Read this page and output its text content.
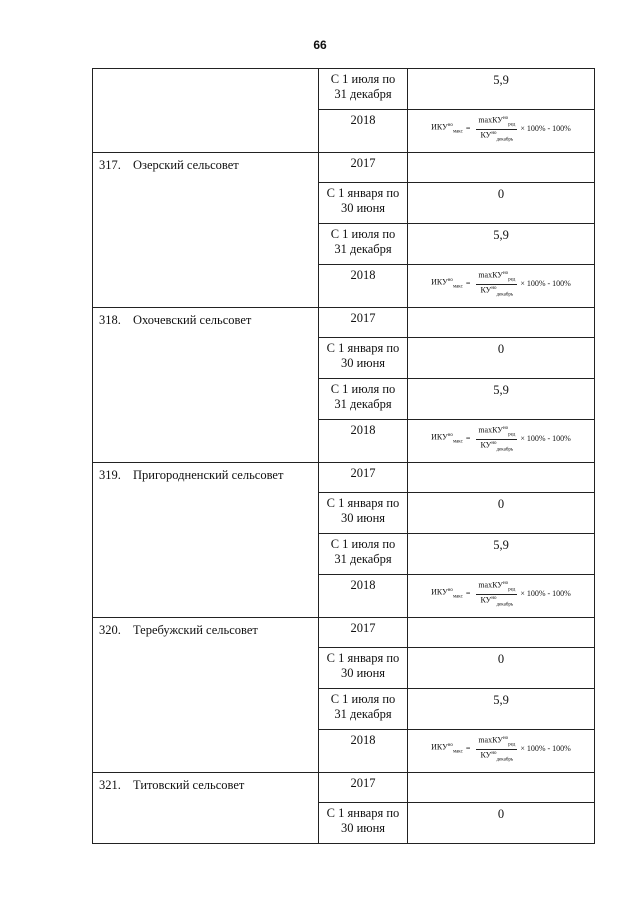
66

	С 1 июля по
31 декабря	5,9

	2018	$ИКУ^{но}_{макс} = \frac{\max КУ^{но}_{ред}}{КУ^{но}_{декабрь}} \times 100\% - 100\%$

317. Озерский сельсовет	2017	

	С 1 января по
30 июня	0

	С 1 июля по
31 декабря	5,9

	2018	$ИКУ^{но}_{макс} = \frac{\max КУ^{но}_{ред}}{КУ^{но}_{декабрь}} \times 100\% - 100\%$

318. Охочевский сельсовет	2017	

	С 1 января по
30 июня	0

	С 1 июля по
31 декабря	5,9

	2018	$ИКУ^{но}_{макс} = \frac{\max КУ^{но}_{ред}}{КУ^{но}_{декабрь}} \times 100\% - 100\%$

319. Пригородненский сельсовет	2017	

	С 1 января по
30 июня	0

	С 1 июля по
31 декабря	5,9

	2018	$ИКУ^{но}_{макс} = \frac{\max КУ^{но}_{ред}}{КУ^{но}_{декабрь}} \times 100\% - 100\%$

320. Теребужский сельсовет	2017	

	С 1 января по
30 июня	0

	С 1 июля по
31 декабря	5,9

	2018	$ИКУ^{но}_{макс} = \frac{\max КУ^{но}_{ред}}{КУ^{но}_{декабрь}} \times 100\% - 100\%$

321. Титовский сельсовет	2017	

	С 1 января по
30 июня	0
